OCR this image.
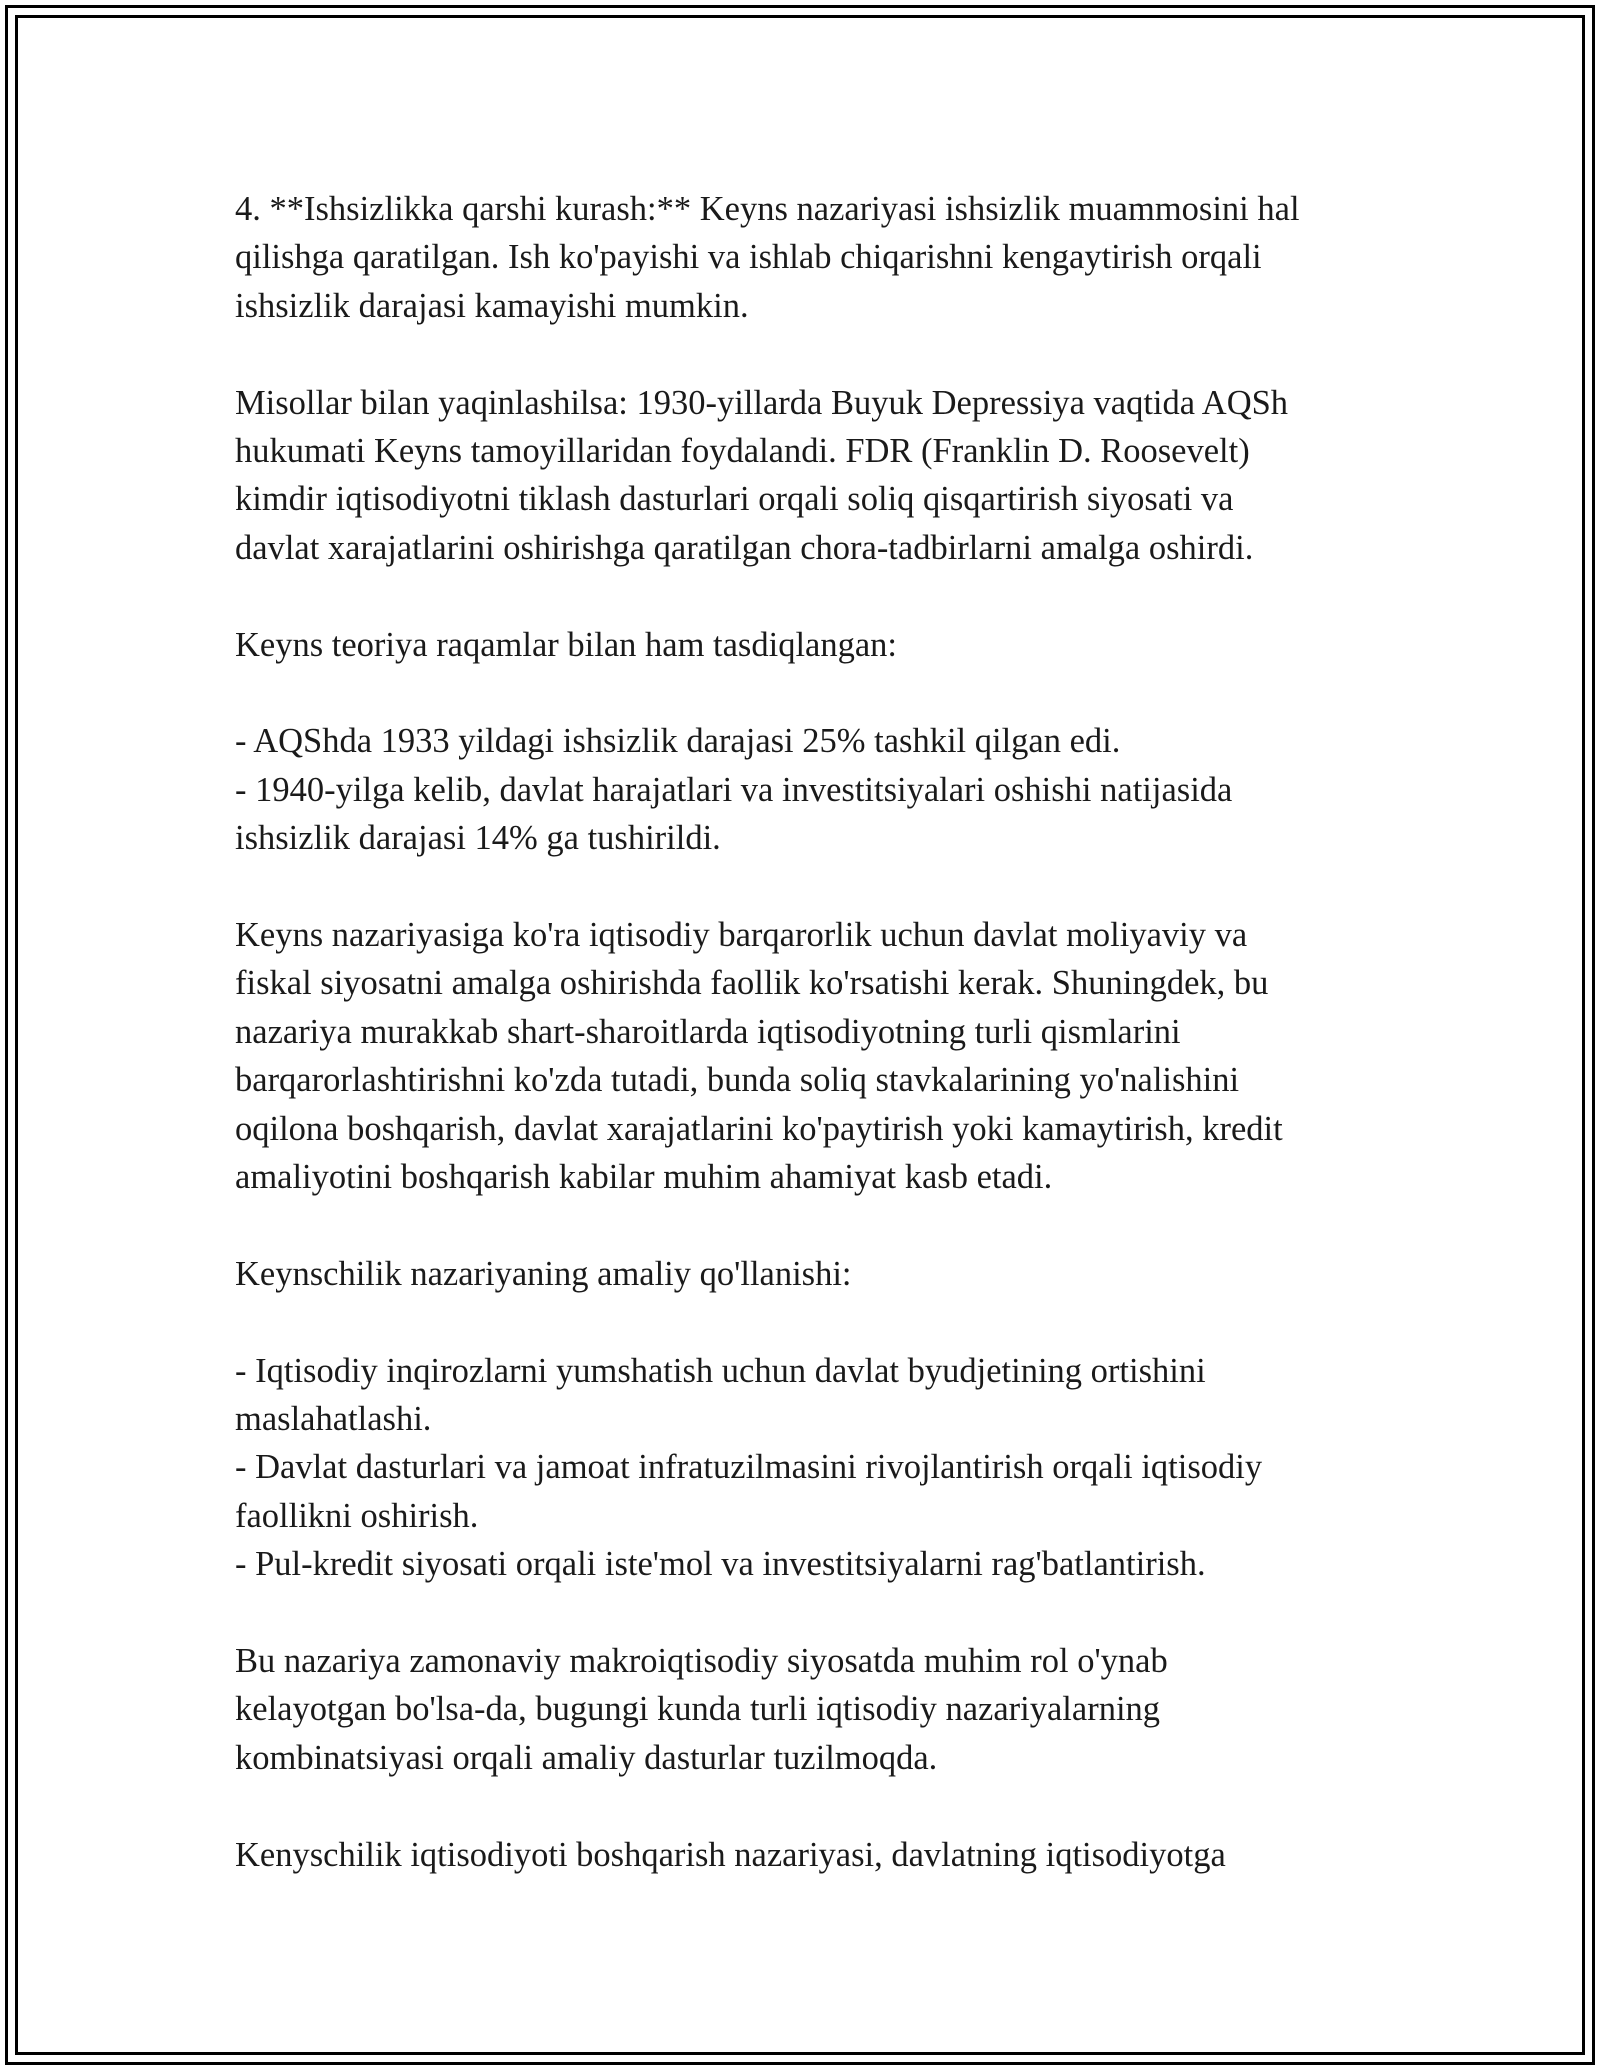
4. **Ishsizlikka qarshi kurash:** Keyns nazariyasi ishsizlik muammosini hal
qilishga qaratilgan. Ish ko'payishi va ishlab chiqarishni kengaytirish orqali
ishsizlik darajasi kamayishi mumkin.

Misollar bilan yaqinlashilsa: 1930-yillarda Buyuk Depressiya vaqtida AQSh
hukumati Keyns tamoyillaridan foydalandi. FDR (Franklin D. Roosevelt)
kimdir iqtisodiyotni tiklash dasturlari orqali soliq qisqartirish siyosati va
davlat xarajatlarini oshirishga qaratilgan chora-tadbirlarni amalga oshirdi.

Keyns teoriya raqamlar bilan ham tasdiqlangan:

- AQShda 1933 yildagi ishsizlik darajasi 25% tashkil qilgan edi.
- 1940-yilga kelib, davlat harajatlari va investitsiyalari oshishi natijasida
ishsizlik darajasi 14% ga tushirildi.

Keyns nazariyasiga ko'ra iqtisodiy barqarorlik uchun davlat moliyaviy va
fiskal siyosatni amalga oshirishda faollik ko'rsatishi kerak. Shuningdek, bu
nazariya murakkab shart-sharoitlarda iqtisodiyotning turli qismlarini
barqarorlashtirishni ko'zda tutadi, bunda soliq stavkalarining yo'nalishini
oqilona boshqarish, davlat xarajatlarini ko'paytirish yoki kamaytirish, kredit
amaliyotini boshqarish kabilar muhim ahamiyat kasb etadi.

Keynschilik nazariyaning amaliy qo'llanishi:

- Iqtisodiy inqirozlarni yumshatish uchun davlat byudjetining ortishini
maslahatlashi.
- Davlat dasturlari va jamoat infratuzilmasini rivojlantirish orqali iqtisodiy
faollikni oshirish.
- Pul-kredit siyosati orqali iste'mol va investitsiyalarni rag'batlantirish.

Bu nazariya zamonaviy makroiqtisodiy siyosatda muhim rol o'ynab
kelayotgan bo'lsa-da, bugungi kunda turli iqtisodiy nazariyalarning
kombinatsiyasi orqali amaliy dasturlar tuzilmoqda.

Kenyschilik iqtisodiyoti boshqarish nazariyasi, davlatning iqtisodiyotga
